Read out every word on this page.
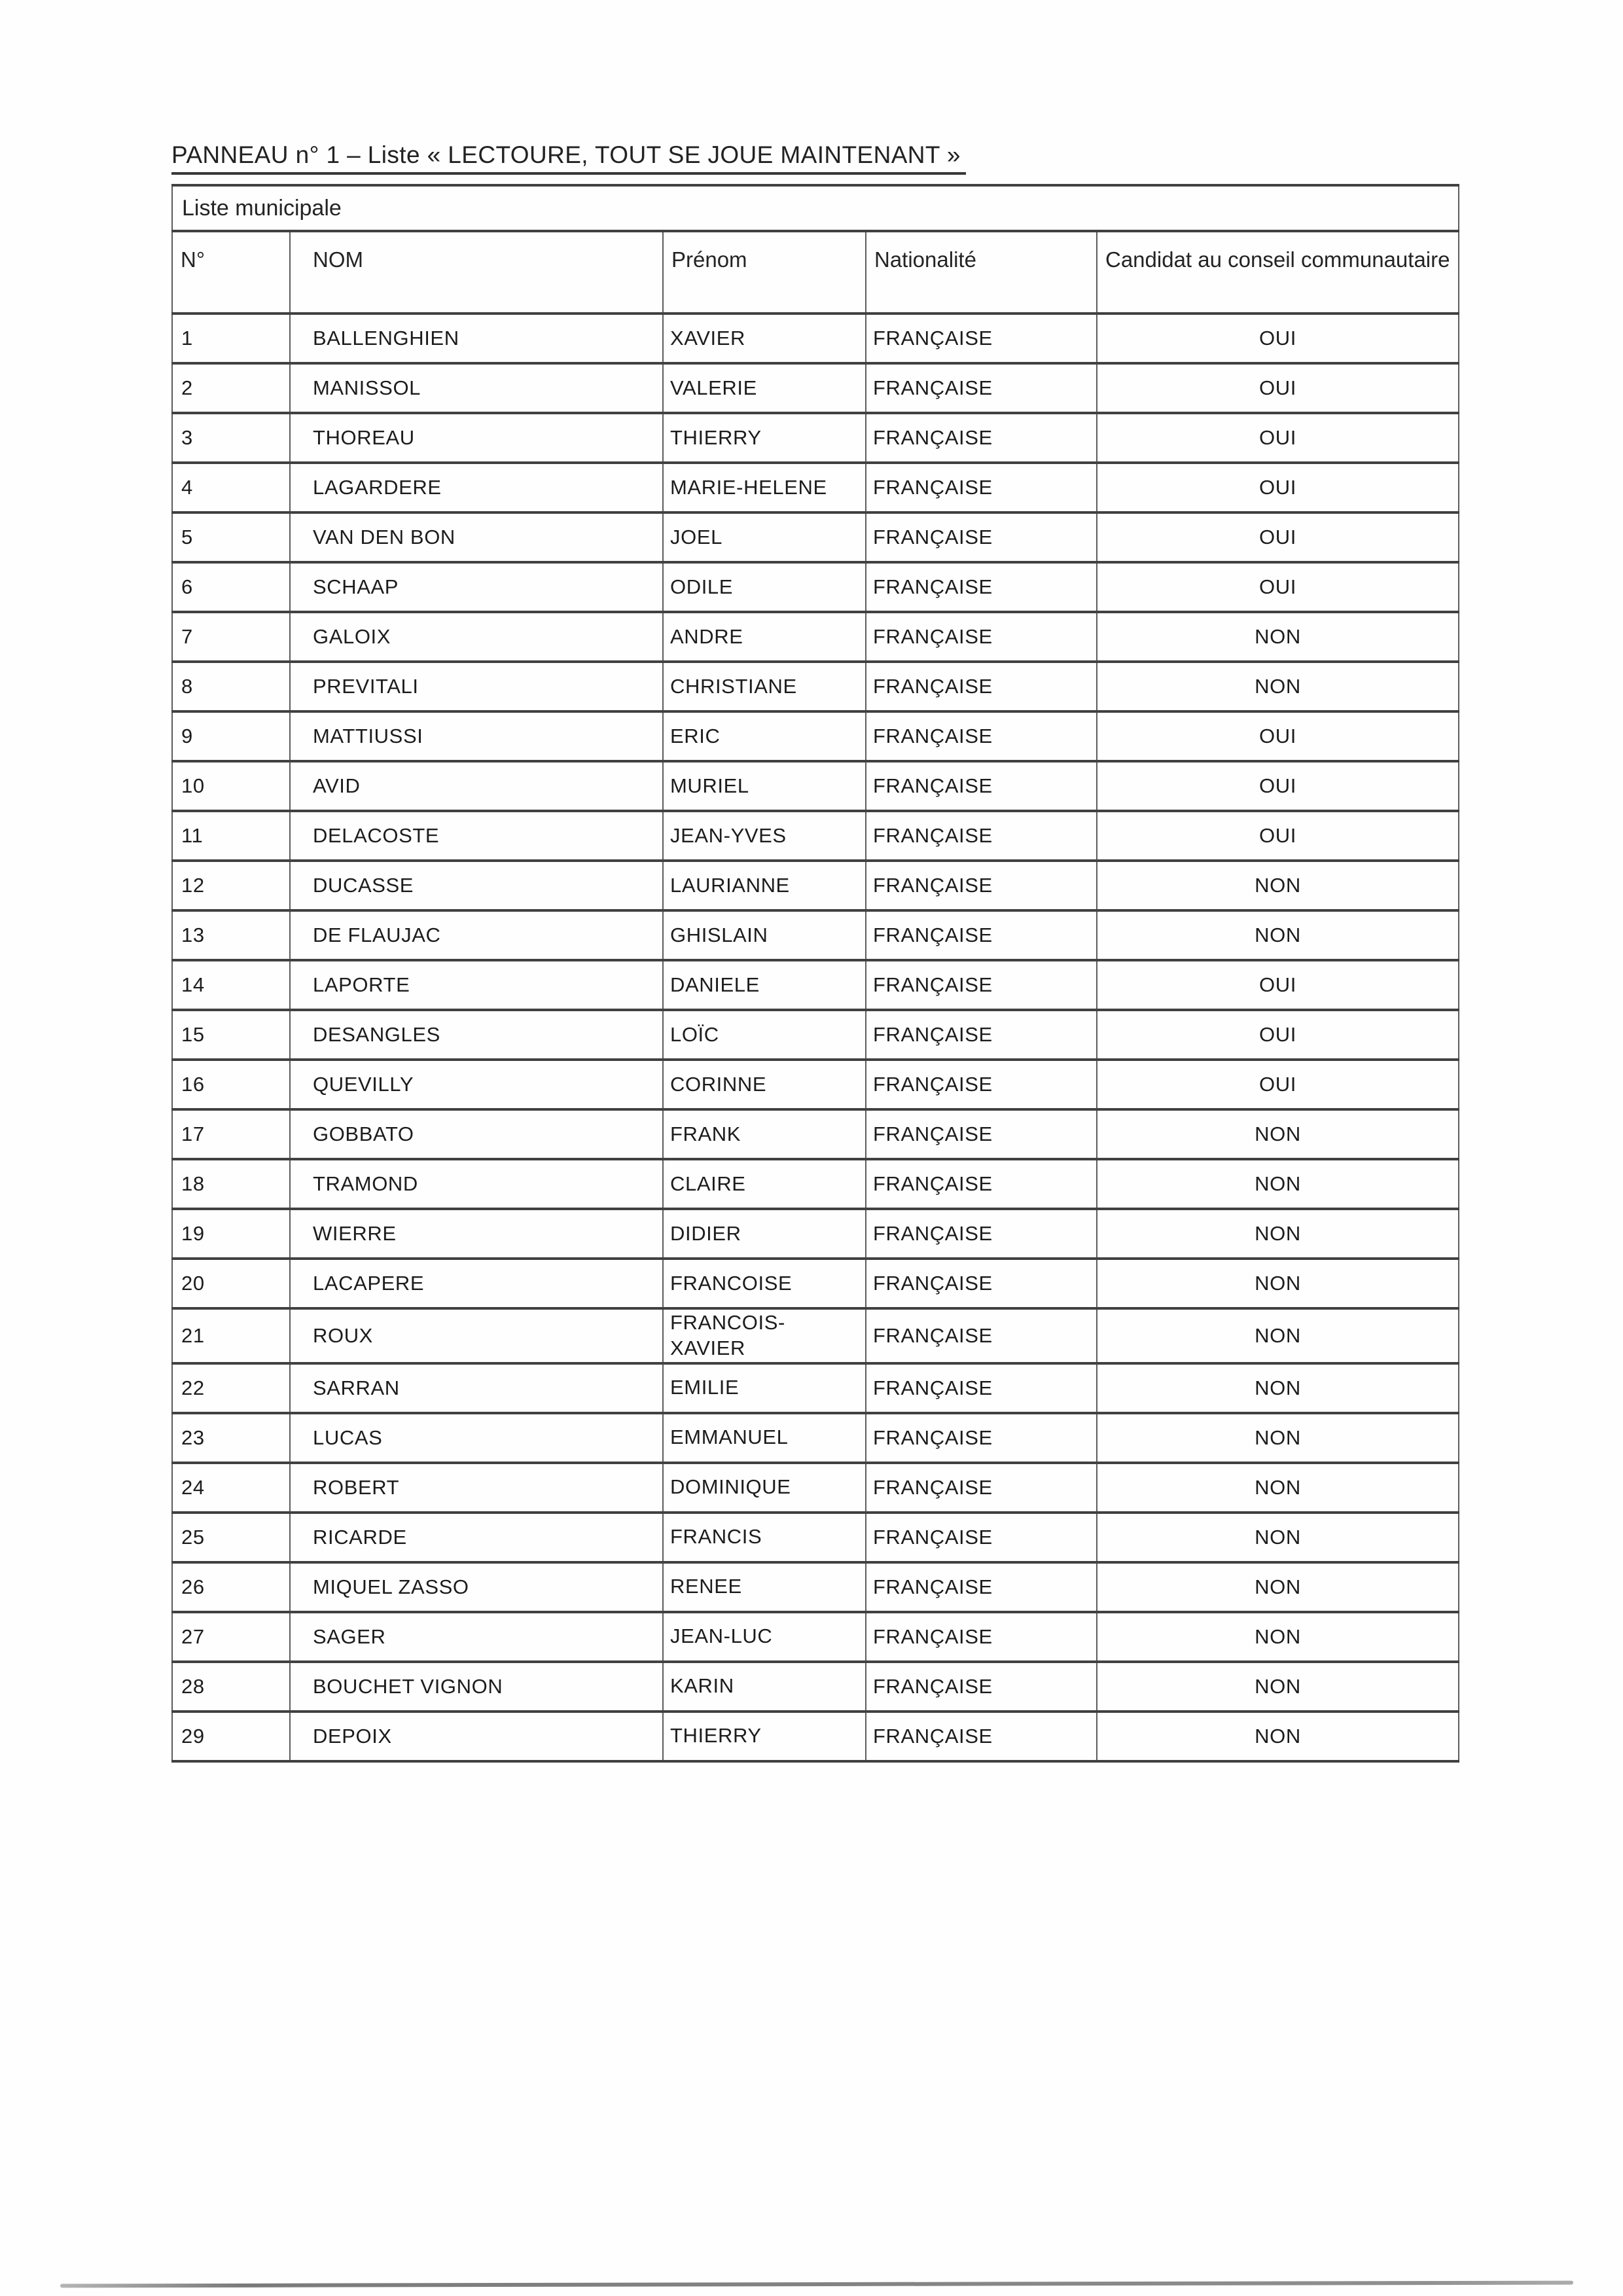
PANNEAU n° 1 – Liste « LECTOURE, TOUT SE JOUE MAINTENANT »
Liste municipale				
N°	NOM	Prénom	Nationalité	Candidat au conseil communautaire
1	BALLENGHIEN	XAVIER	FRANÇAISE	OUI
2	MANISSOL	VALERIE	FRANÇAISE	OUI
3	THOREAU	THIERRY	FRANÇAISE	OUI
4	LAGARDERE	MARIE-HELENE	FRANÇAISE	OUI
5	VAN DEN BON	JOEL	FRANÇAISE	OUI
6	SCHAAP	ODILE	FRANÇAISE	OUI
7	GALOIX	ANDRE	FRANÇAISE	NON
8	PREVITALI	CHRISTIANE	FRANÇAISE	NON
9	MATTIUSSI	ERIC	FRANÇAISE	OUI
10	AVID	MURIEL	FRANÇAISE	OUI
11	DELACOSTE	JEAN-YVES	FRANÇAISE	OUI
12	DUCASSE	LAURIANNE	FRANÇAISE	NON
13	DE FLAUJAC	GHISLAIN	FRANÇAISE	NON
14	LAPORTE	DANIELE	FRANÇAISE	OUI
15	DESANGLES	LOÏC	FRANÇAISE	OUI
16	QUEVILLY	CORINNE	FRANÇAISE	OUI
17	GOBBATO	FRANK	FRANÇAISE	NON
18	TRAMOND	CLAIRE	FRANÇAISE	NON
19	WIERRE	DIDIER	FRANÇAISE	NON
20	LACAPERE	FRANCOISE	FRANÇAISE	NON
21	ROUX	FRANCOIS-XAVIER	FRANÇAISE	NON
22	SARRAN	EMILIE	FRANÇAISE	NON
23	LUCAS	EMMANUEL	FRANÇAISE	NON
24	ROBERT	DOMINIQUE	FRANÇAISE	NON
25	RICARDE	FRANCIS	FRANÇAISE	NON
26	MIQUEL ZASSO	RENEE	FRANÇAISE	NON
27	SAGER	JEAN-LUC	FRANÇAISE	NON
28	BOUCHET VIGNON	KARIN	FRANÇAISE	NON
29	DEPOIX	THIERRY	FRANÇAISE	NON
